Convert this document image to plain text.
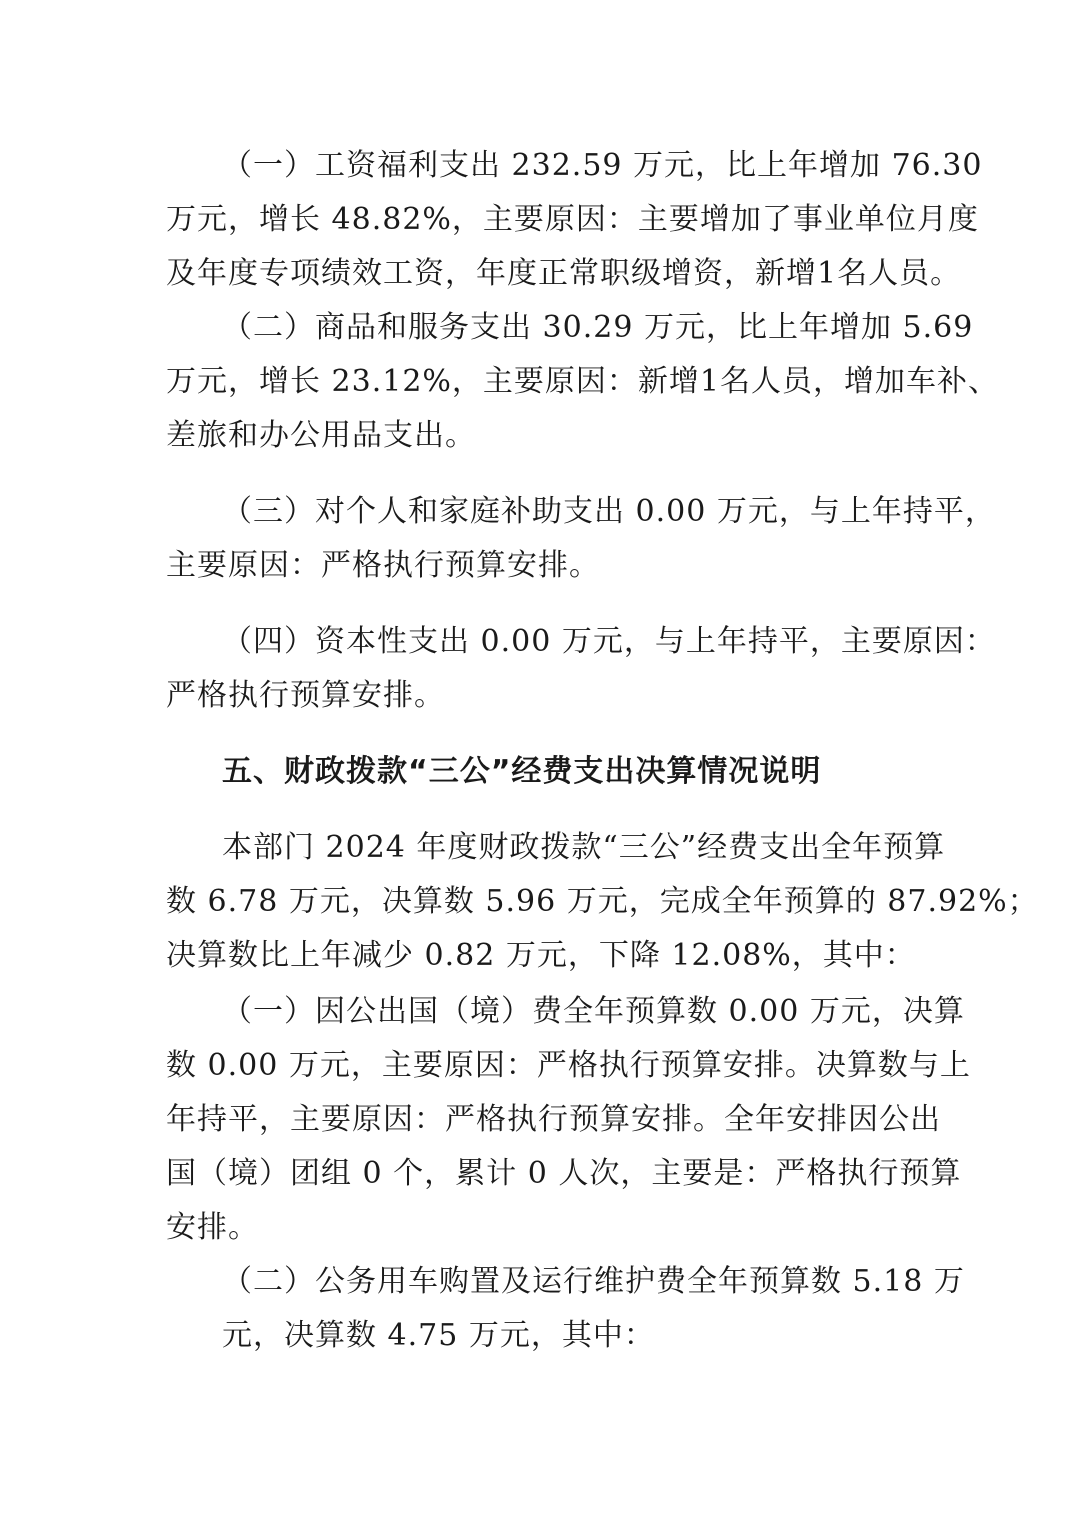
（一）工资福利支出 232.59 万元，比上年增加 76.30
万元，增长 48.82%，主要原因：主要增加了事业单位月度
及年度专项绩效工资，年度正常职级增资，新增1名人员。
（二）商品和服务支出 30.29 万元，比上年增加 5.69
万元，增长 23.12%，主要原因：新增1名人员，增加车补、
差旅和办公用品支出。
（三）对个人和家庭补助支出 0.00 万元，与上年持平，
主要原因：严格执行预算安排。
（四）资本性支出 0.00 万元，与上年持平，主要原因：
严格执行预算安排。
五、财政拨款“三公”经费支出决算情况说明
本部门 2024 年度财政拨款“三公”经费支出全年预算
数 6.78 万元，决算数 5.96 万元，完成全年预算的 87.92%；
决算数比上年减少 0.82 万元，下降 12.08%，其中：
（一）因公出国（境）费全年预算数 0.00 万元，决算
数 0.00 万元，主要原因：严格执行预算安排。决算数与上
年持平，主要原因：严格执行预算安排。全年安排因公出
国（境）团组 0 个，累计 0 人次，主要是：严格执行预算
安排。
（二）公务用车购置及运行维护费全年预算数 5.18 万
元，决算数 4.75 万元，其中：
